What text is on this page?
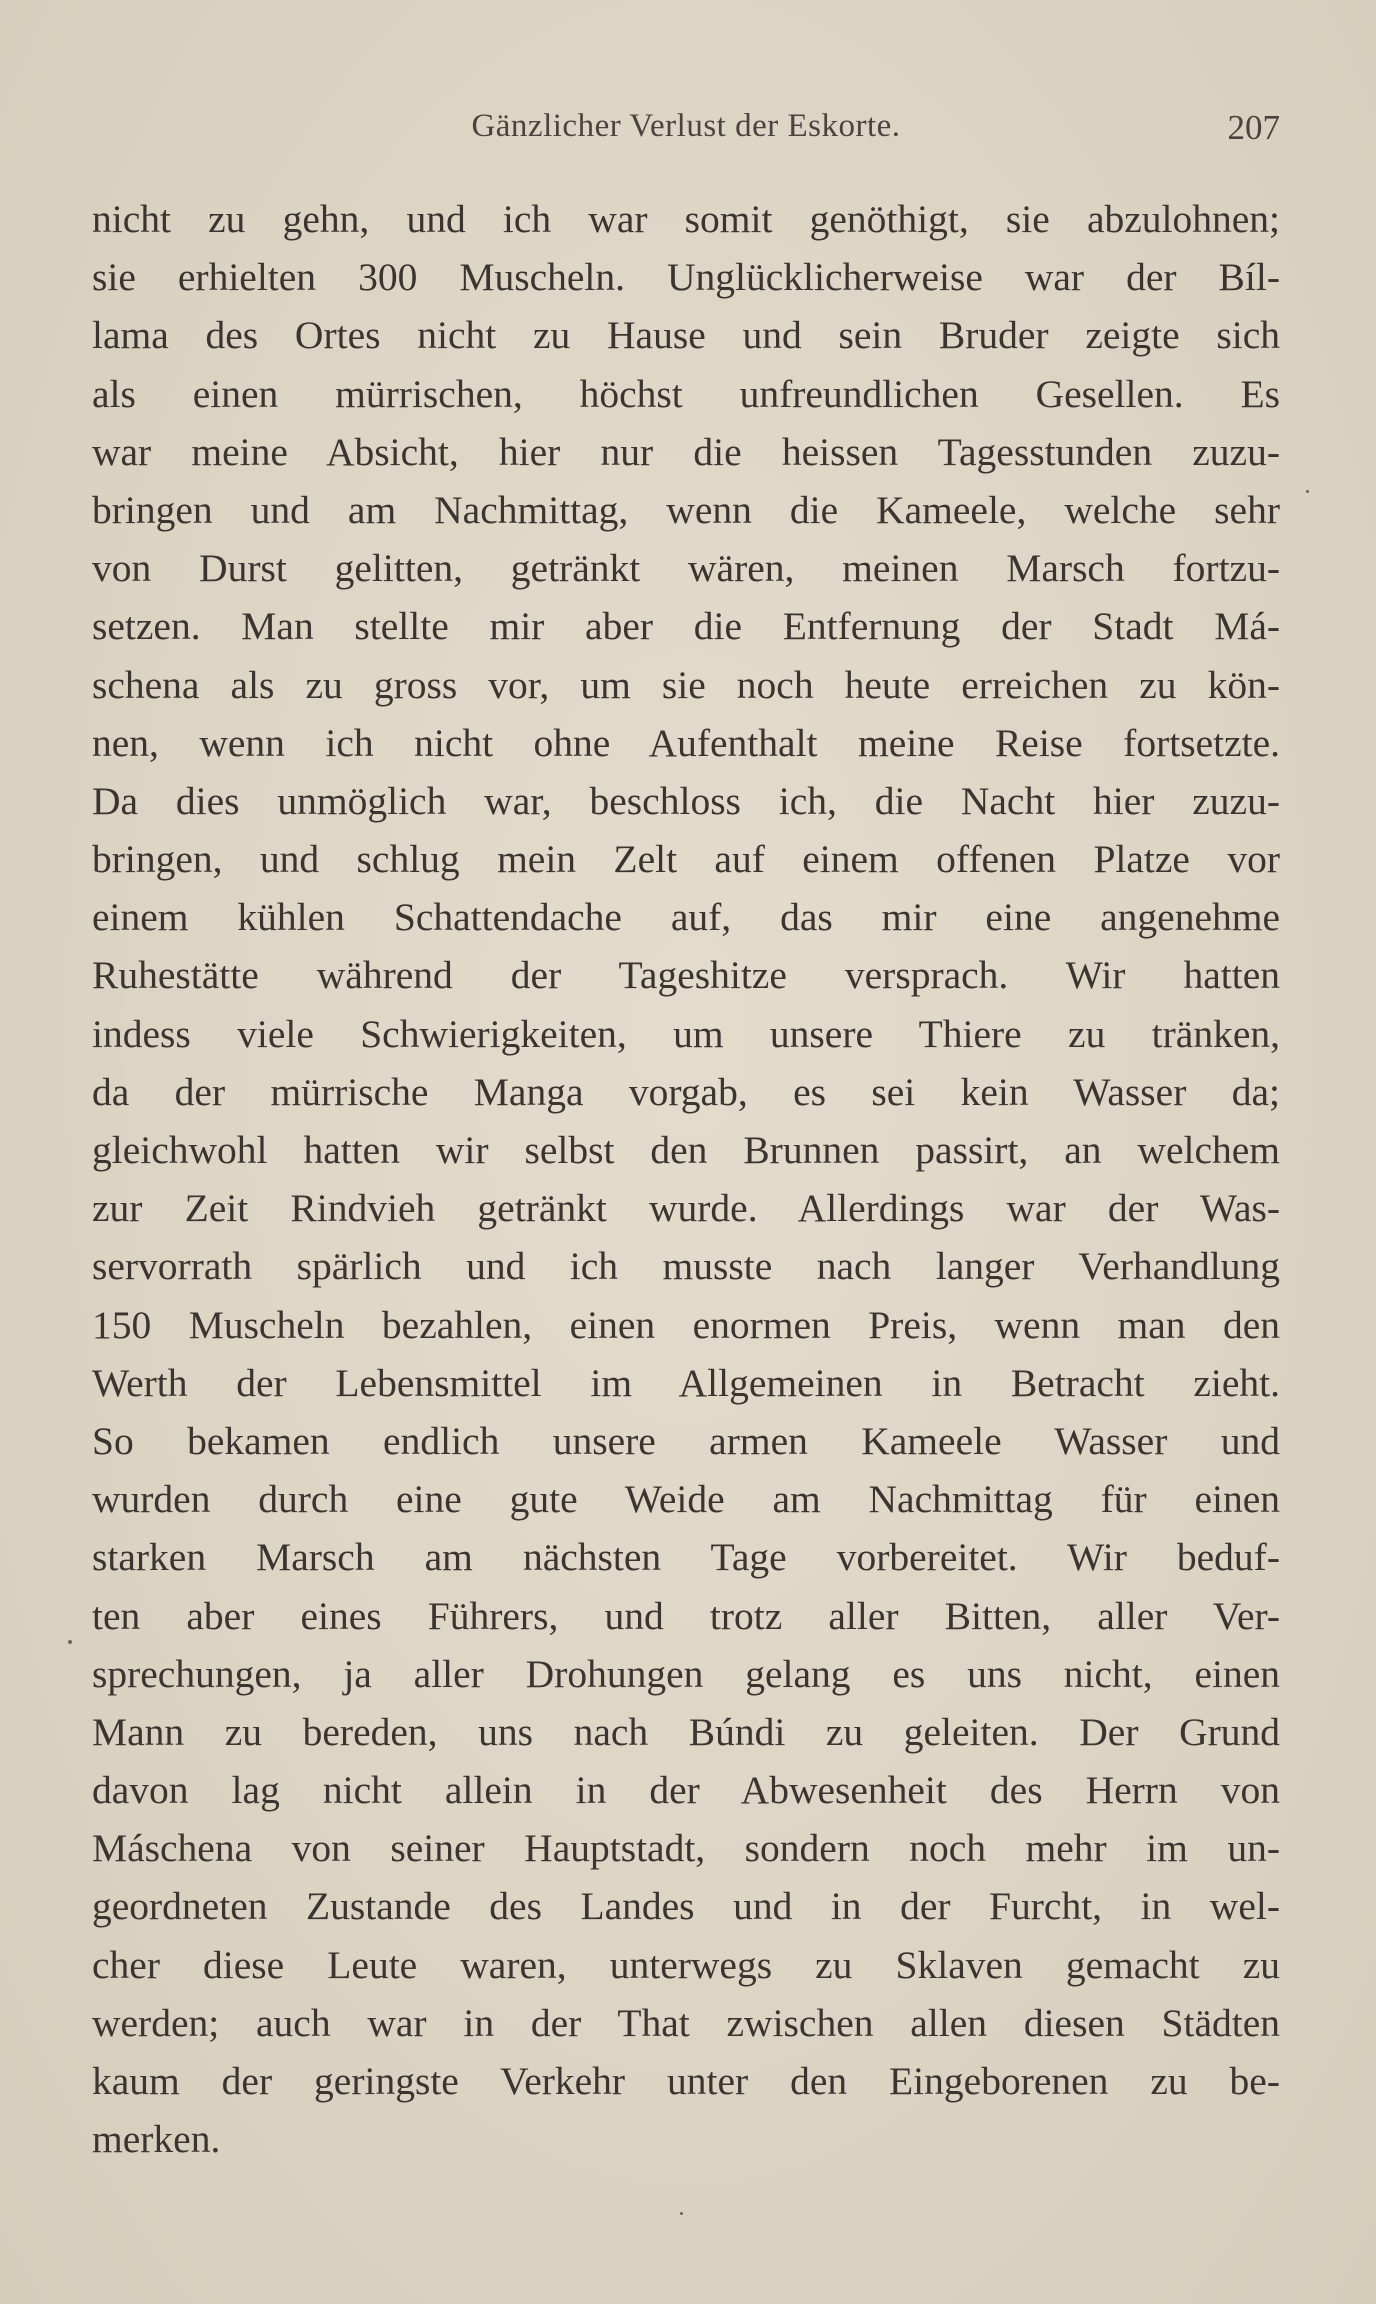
Gänzlicher Verlust der Eskorte.	207
nicht zu gehn, und ich war somit genöthigt, sie abzulohnen;
sie erhielten 300 Muscheln. Unglücklicherweise war der Bíl-
lama des Ortes nicht zu Hause und sein Bruder zeigte sich
als einen mürrischen, höchst unfreundlichen Gesellen. Es
war meine Absicht, hier nur die heissen Tagesstunden zuzu-
bringen und am Nachmittag, wenn die Kameele, welche sehr
von Durst gelitten, getränkt wären, meinen Marsch fortzu-
setzen. Man stellte mir aber die Entfernung der Stadt Má-
schena als zu gross vor, um sie noch heute erreichen zu kön-
nen, wenn ich nicht ohne Aufenthalt meine Reise fortsetzte.
Da dies unmöglich war, beschloss ich, die Nacht hier zuzu-
bringen, und schlug mein Zelt auf einem offenen Platze vor
einem kühlen Schattendache auf, das mir eine angenehme
Ruhestätte während der Tageshitze versprach. Wir hatten
indess viele Schwierigkeiten, um unsere Thiere zu tränken,
da der mürrische Manga vorgab, es sei kein Wasser da;
gleichwohl hatten wir selbst den Brunnen passirt, an welchem
zur Zeit Rindvieh getränkt wurde. Allerdings war der Was-
servorrath spärlich und ich musste nach langer Verhandlung
150 Muscheln bezahlen, einen enormen Preis, wenn man den
Werth der Lebensmittel im Allgemeinen in Betracht zieht.
So bekamen endlich unsere armen Kameele Wasser und
wurden durch eine gute Weide am Nachmittag für einen
starken Marsch am nächsten Tage vorbereitet. Wir beduf-
ten aber eines Führers, und trotz aller Bitten, aller Ver-
sprechungen, ja aller Drohungen gelang es uns nicht, einen
Mann zu bereden, uns nach Búndi zu geleiten. Der Grund
davon lag nicht allein in der Abwesenheit des Herrn von
Máschena von seiner Hauptstadt, sondern noch mehr im un-
geordneten Zustande des Landes und in der Furcht, in wel-
cher diese Leute waren, unterwegs zu Sklaven gemacht zu
werden; auch war in der That zwischen allen diesen Städten
kaum der geringste Verkehr unter den Eingeborenen zu be-
merken.
